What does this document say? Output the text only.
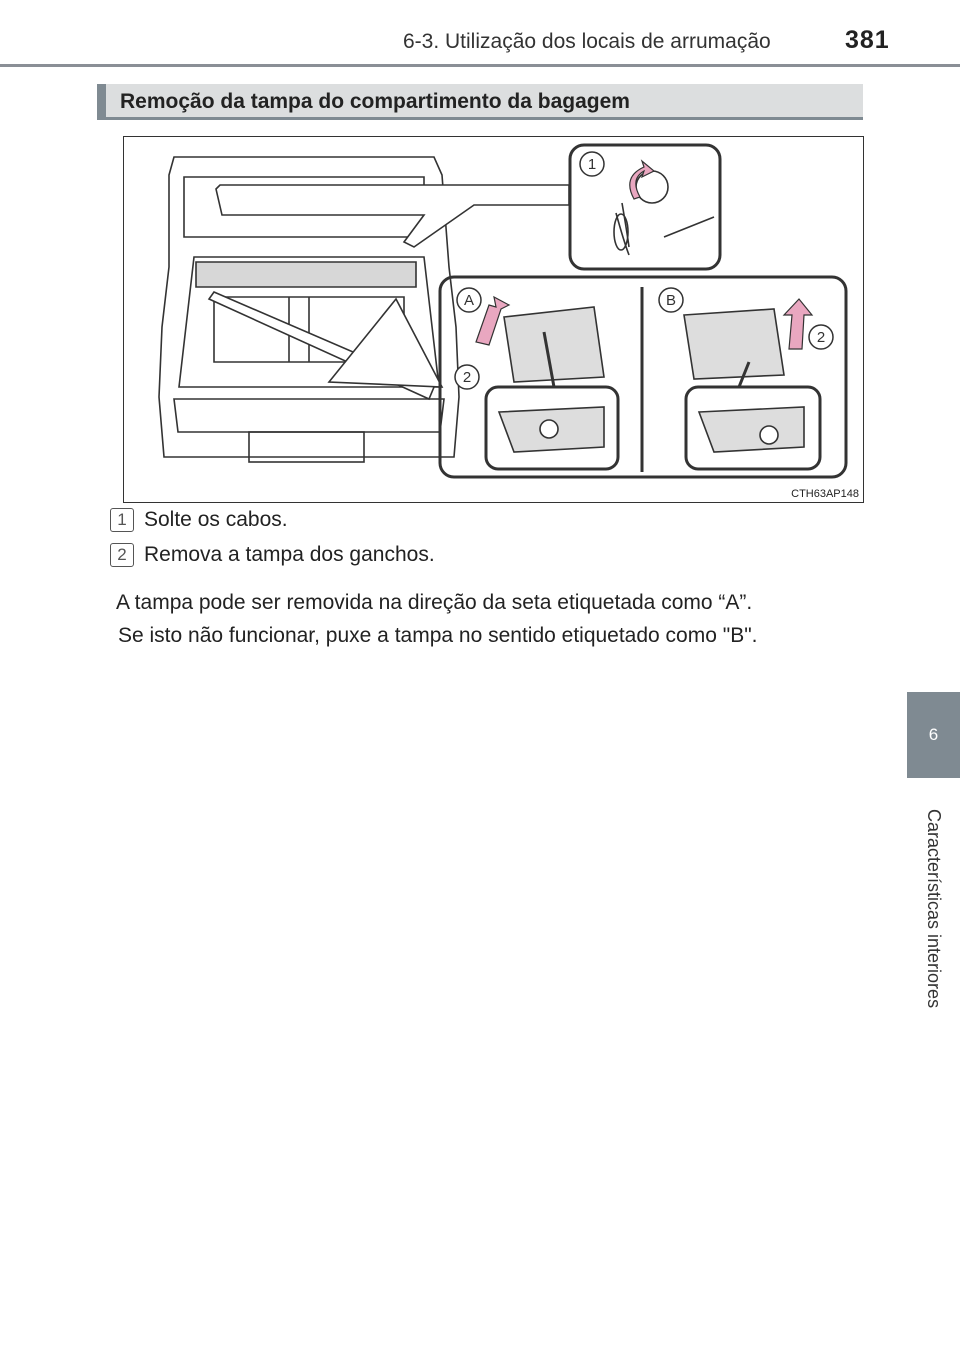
6-3. Utilização dos locais de arrumação	381
6
Características interiores
Remoção da tampa do compartimento da bagagem
1
2
2
A	B
CTH63AP148
1 Solte os cabos.
2 Remova a tampa dos ganchos.
A tampa pode ser removida na direção da seta etiquetada como “A”.
Se isto não funcionar, puxe a tampa no sentido etiquetado como "B".
